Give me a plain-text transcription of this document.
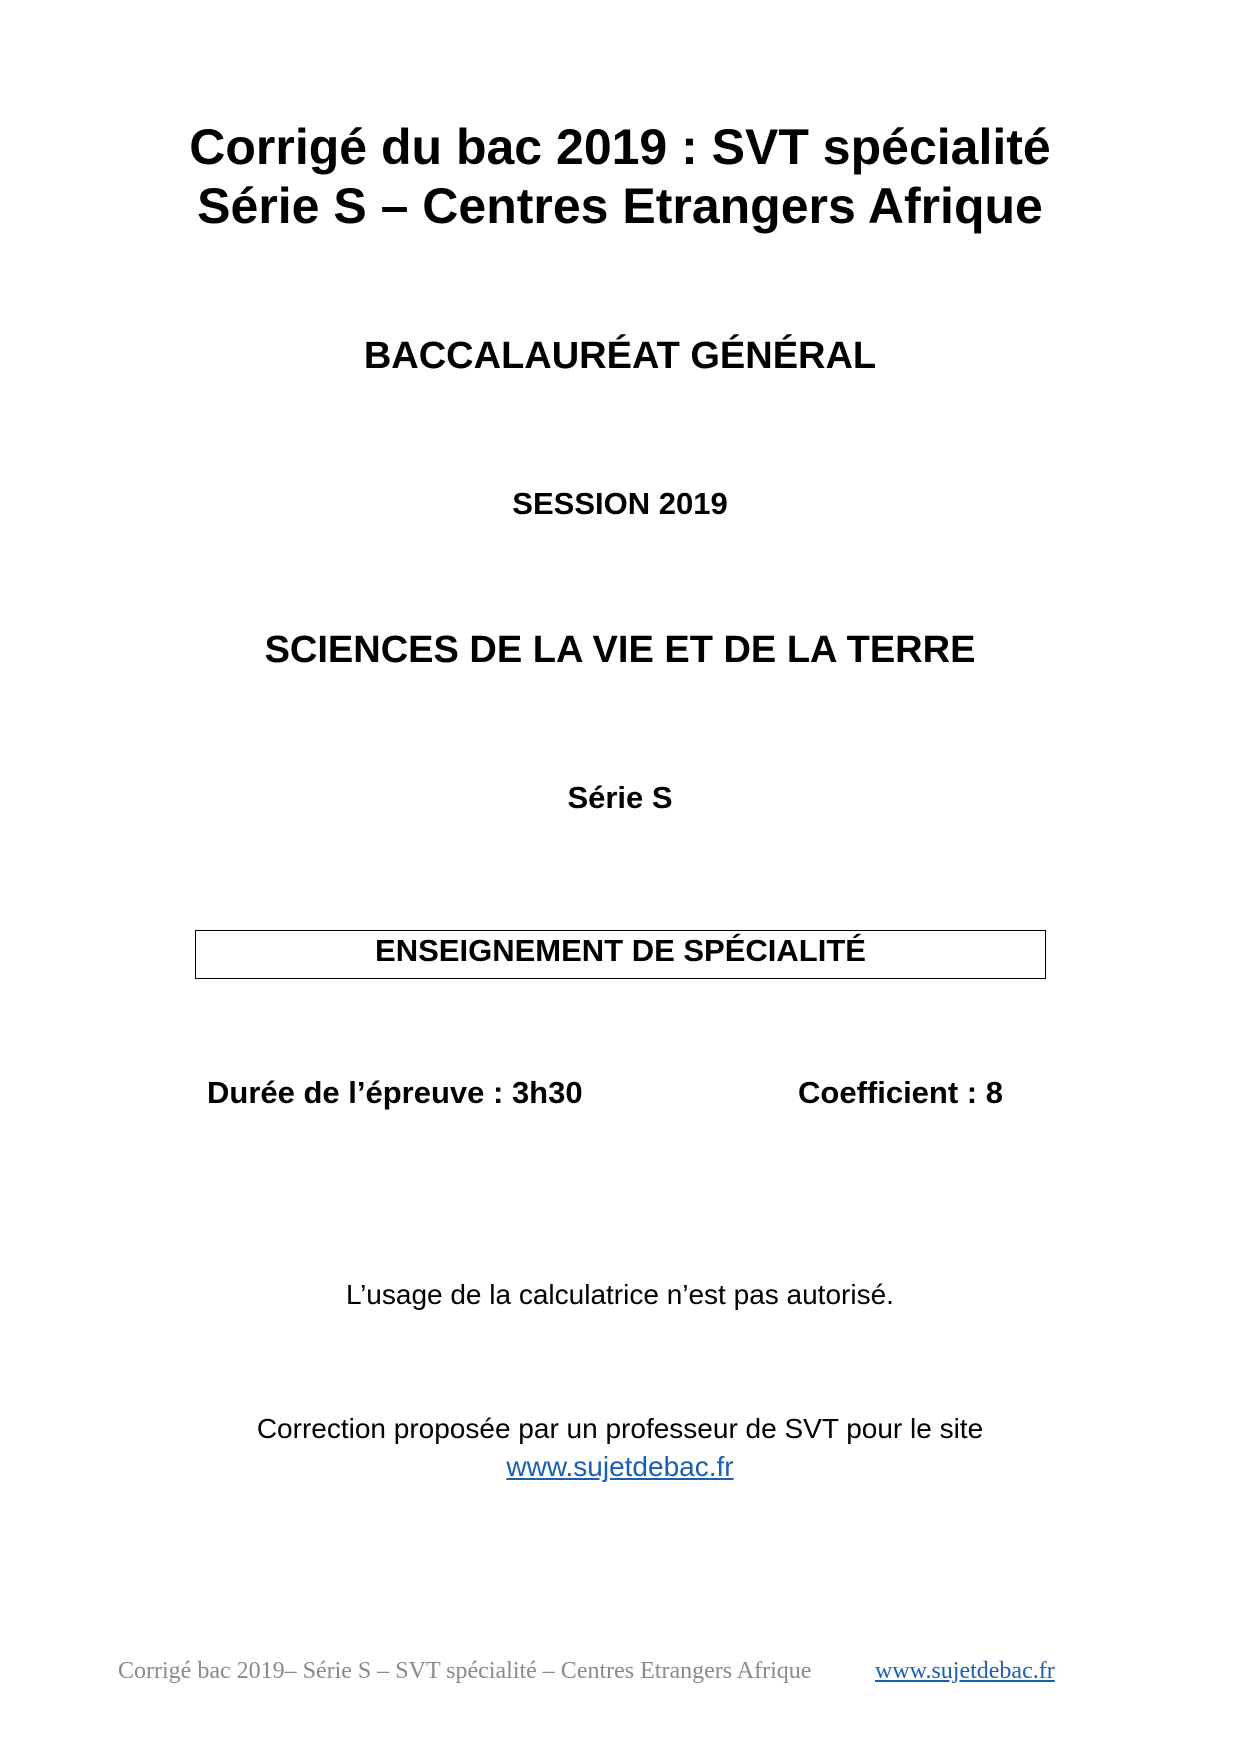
Corrigé du bac 2019 : SVT spécialité
Série S – Centres Etrangers Afrique
BACCALAURÉAT GÉNÉRAL
SESSION 2019
SCIENCES DE LA VIE ET DE LA TERRE
Série S
ENSEIGNEMENT DE SPÉCIALITÉ
Durée de l’épreuve : 3h30	Coefficient : 8
L’usage de la calculatrice n’est pas autorisé.
Correction proposée par un professeur de SVT pour le site
www.sujetdebac.fr
Corrigé bac 2019– Série S – SVT spécialité – Centres Etrangers Afrique	www.sujetdebac.fr
